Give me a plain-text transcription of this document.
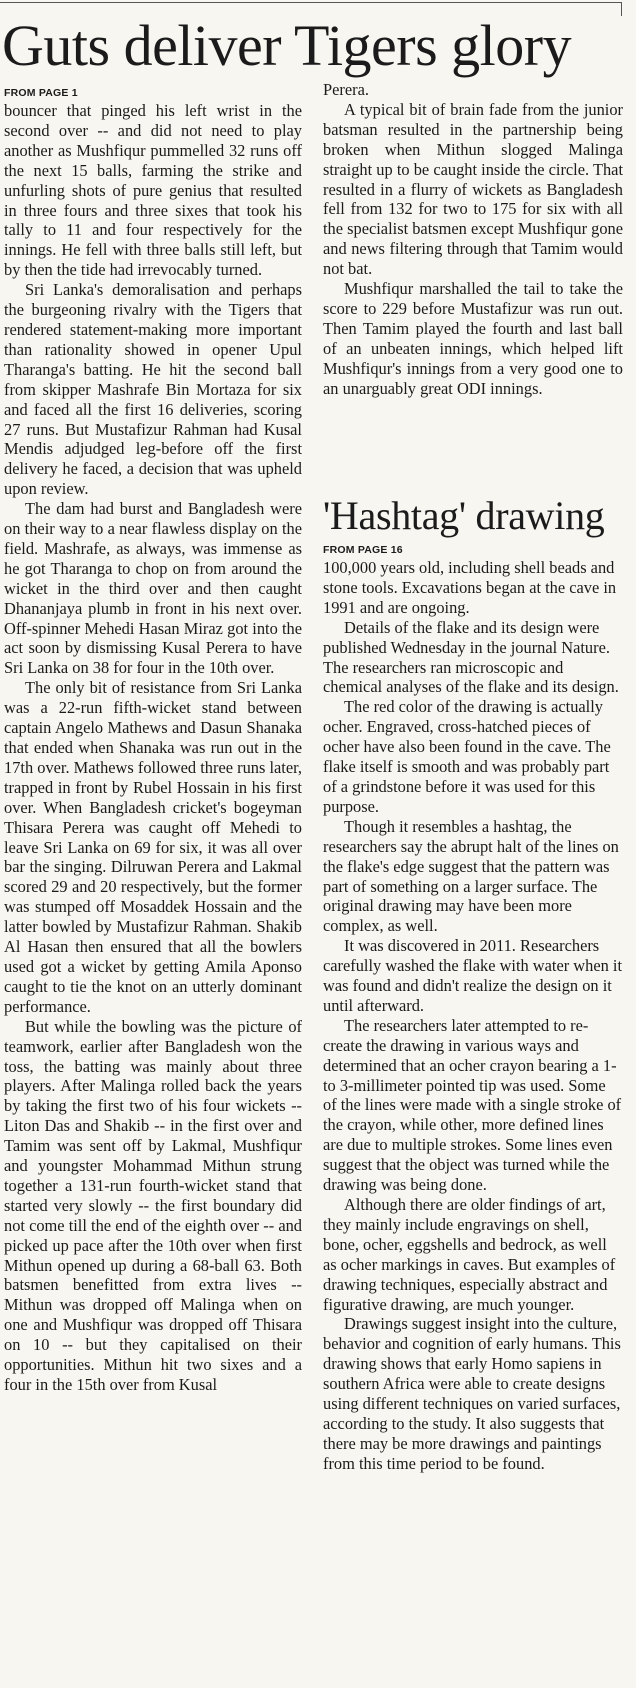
Guts deliver Tigers glory
FROM PAGE 1

bouncer that pinged his left wrist in the second over -- and did not need to play another as Mushfiqur pummelled 32 runs off the next 15 balls, farming the strike and unfurling shots of pure genius that resulted in three fours and three sixes that took his tally to 11 and four respectively for the innings. He fell with three balls still left, but by then the tide had irrevocably turned.

Sri Lanka's demoralisation and perhaps the burgeoning rivalry with the Tigers that rendered statement-making more important than rationality showed in opener Upul Tharanga's batting. He hit the second ball from skipper Mashrafe Bin Mortaza for six and faced all the first 16 deliveries, scoring 27 runs. But Mustafizur Rahman had Kusal Mendis adjudged leg-before off the first delivery he faced, a decision that was upheld upon review.

The dam had burst and Bangladesh were on their way to a near flawless display on the field. Mashrafe, as always, was immense as he got Tharanga to chop on from around the wicket in the third over and then caught Dhananjaya plumb in front in his next over. Off-spinner Mehedi Hasan Miraz got into the act soon by dismissing Kusal Perera to have Sri Lanka on 38 for four in the 10th over.

The only bit of resistance from Sri Lanka was a 22-run fifth-wicket stand between captain Angelo Mathews and Dasun Shanaka that ended when Shanaka was run out in the 17th over. Mathews followed three runs later, trapped in front by Rubel Hossain in his first over. When Bangladesh cricket's bogeyman Thisara Perera was caught off Mehedi to leave Sri Lanka on 69 for six, it was all over bar the singing. Dilruwan Perera and Lakmal scored 29 and 20 respectively, but the former was stumped off Mosaddek Hossain and the latter bowled by Mustafizur Rahman. Shakib Al Hasan then ensured that all the bowlers used got a wicket by getting Amila Aponso caught to tie the knot on an utterly dominant performance.

But while the bowling was the picture of teamwork, earlier after Bangladesh won the toss, the batting was mainly about three players. After Malinga rolled back the years by taking the first two of his four wickets -- Liton Das and Shakib -- in the first over and Tamim was sent off by Lakmal, Mushfiqur and youngster Mohammad Mithun strung together a 131-run fourth-wicket stand that started very slowly -- the first boundary did not come till the end of the eighth over -- and picked up pace after the 10th over when first Mithun opened up during a 68-ball 63. Both batsmen benefitted from extra lives -- Mithun was dropped off Malinga when on one and Mushfiqur was dropped off Thisara on 10 -- but they capitalised on their opportunities. Mithun hit two sixes and a four in the 15th over from Kusal

Perera.

A typical bit of brain fade from the junior batsman resulted in the partnership being broken when Mithun slogged Malinga straight up to be caught inside the circle. That resulted in a flurry of wickets as Bangladesh fell from 132 for two to 175 for six with all the specialist batsmen except Mushfiqur gone and news filtering through that Tamim would not bat.

Mushfiqur marshalled the tail to take the score to 229 before Mustafizur was run out. Then Tamim played the fourth and last ball of an unbeaten innings, which helped lift Mushfiqur's innings from a very good one to an unarguably great ODI innings.

'Hashtag' drawing
FROM PAGE 16

100,000 years old, including shell beads and stone tools. Excavations began at the cave in 1991 and are ongoing.

Details of the flake and its design were published Wednesday in the journal Nature. The researchers ran microscopic and chemical analyses of the flake and its design.

The red color of the drawing is actually ocher. Engraved, cross-hatched pieces of ocher have also been found in the cave. The flake itself is smooth and was probably part of a grindstone before it was used for this purpose.

Though it resembles a hashtag, the researchers say the abrupt halt of the lines on the flake's edge suggest that the pattern was part of something on a larger surface. The original drawing may have been more complex, as well.

It was discovered in 2011. Researchers carefully washed the flake with water when it was found and didn't realize the design on it until afterward.

The researchers later attempted to re-create the drawing in various ways and determined that an ocher crayon bearing a 1- to 3-millimeter pointed tip was used. Some of the lines were made with a single stroke of the crayon, while other, more defined lines are due to multiple strokes. Some lines even suggest that the object was turned while the drawing was being done.

Although there are older findings of art, they mainly include engravings on shell, bone, ocher, eggshells and bedrock, as well as ocher markings in caves. But examples of drawing techniques, especially abstract and figurative drawing, are much younger.

Drawings suggest insight into the culture, behavior and cognition of early humans. This drawing shows that early Homo sapiens in southern Africa were able to create designs using different techniques on varied surfaces, according to the study. It also suggests that there may be more drawings and paintings from this time period to be found.
